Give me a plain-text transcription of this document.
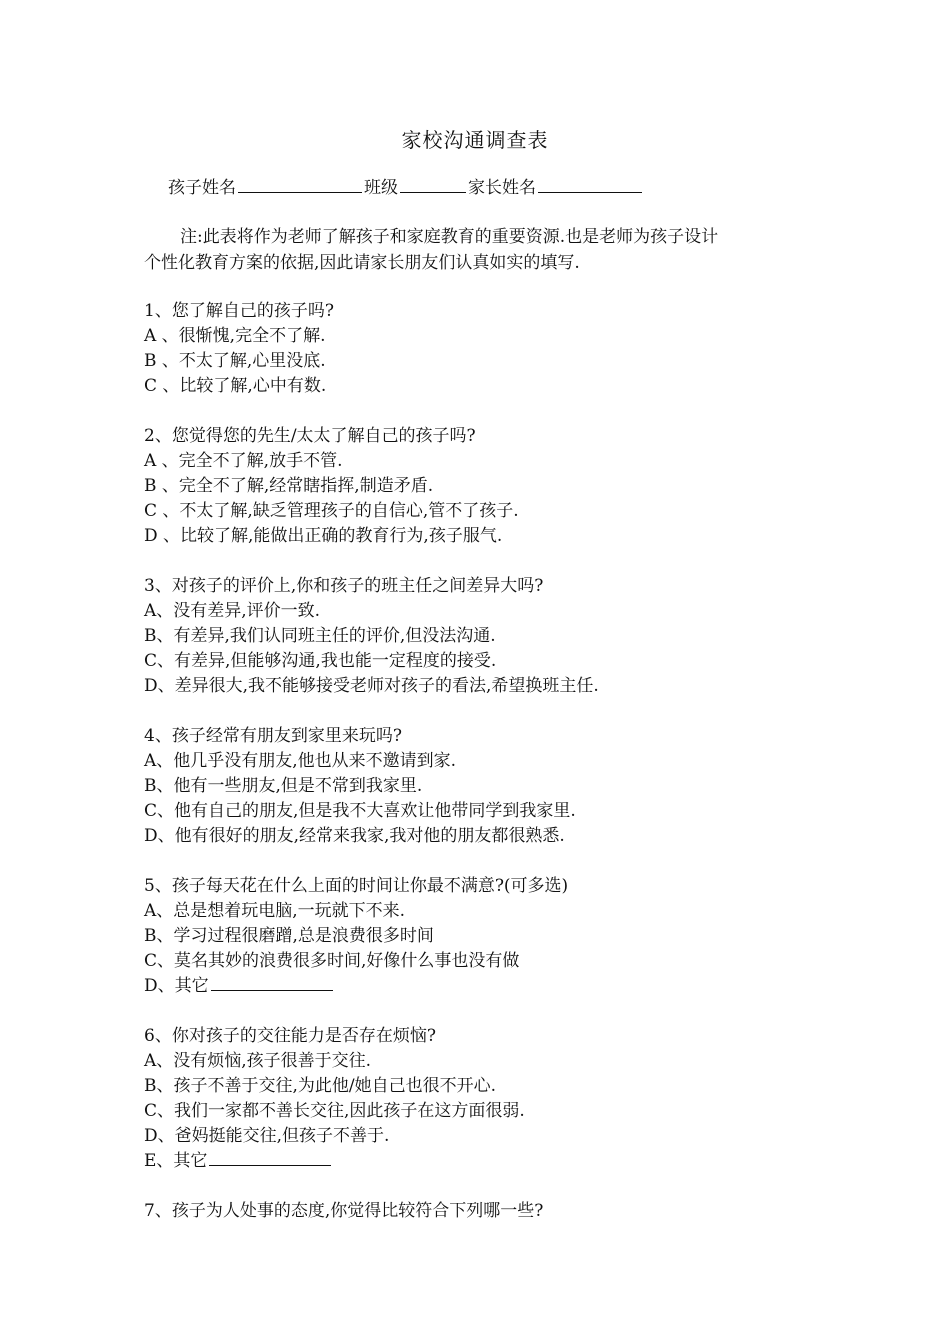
家校沟通调查表
孩子姓名	班级	家长姓名
注:此表将作为老师了解孩子和家庭教育的重要资源.也是老师为孩子设计
个性化教育方案的依据,因此请家长朋友们认真如实的填写.
1、您了解自己的孩子吗?
A 、很惭愧,完全不了解.
B 、不太了解,心里没底.
C 、比较了解,心中有数.
2、您觉得您的先生/太太了解自己的孩子吗?
A 、完全不了解,放手不管.
B 、完全不了解,经常瞎指挥,制造矛盾.
C 、不太了解,缺乏管理孩子的自信心,管不了孩子.
D 、比较了解,能做出正确的教育行为,孩子服气.
3、对孩子的评价上,你和孩子的班主任之间差异大吗?
A、没有差异,评价一致.
B、有差异,我们认同班主任的评价,但没法沟通.
C、有差异,但能够沟通,我也能一定程度的接受.
D、差异很大,我不能够接受老师对孩子的看法,希望换班主任.
4、孩子经常有朋友到家里来玩吗?
A、他几乎没有朋友,他也从来不邀请到家.
B、他有一些朋友,但是不常到我家里.
C、他有自己的朋友,但是我不大喜欢让他带同学到我家里.
D、他有很好的朋友,经常来我家,我对他的朋友都很熟悉.
5、孩子每天花在什么上面的时间让你最不满意?(可多选)
A、总是想着玩电脑,一玩就下不来.
B、学习过程很磨蹭,总是浪费很多时间
C、莫名其妙的浪费很多时间,好像什么事也没有做
D、其它
6、你对孩子的交往能力是否存在烦恼?
A、没有烦恼,孩子很善于交往.
B、孩子不善于交往,为此他/她自己也很不开心.
C、我们一家都不善长交往,因此孩子在这方面很弱.
D、爸妈挺能交往,但孩子不善于.
E、其它
7、孩子为人处事的态度,你觉得比较符合下列哪一些?
